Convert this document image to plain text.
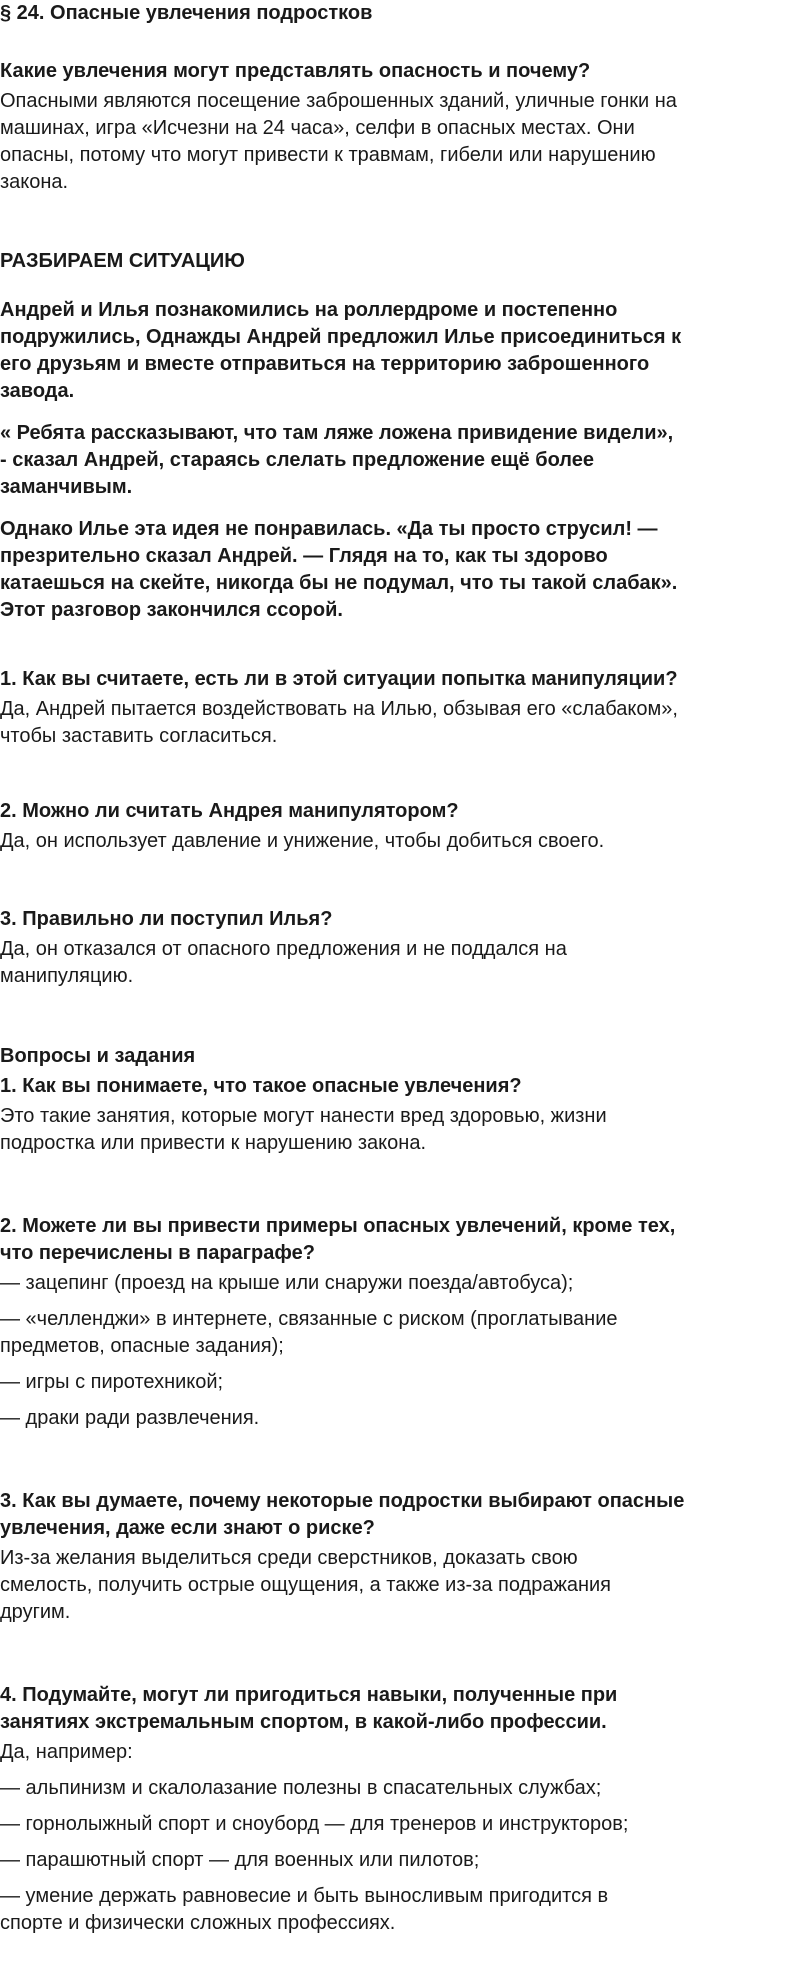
§ 24. Опасные увлечения подростков
Какие увлечения могут представлять опасность и почему?
Опасными являются посещение заброшенных зданий, уличные гонки на
машинах, игра «Исчезни на 24 часа», селфи в опасных местах. Они
опасны, потому что могут привести к травмам, гибели или нарушению
закона.
РАЗБИРАЕМ СИТУАЦИЮ
Андрей и Илья познакомились на роллердроме и постепенно
подружились, Однажды Андрей предложил Илье присоединиться к
его друзьям и вместе отправиться на территорию заброшенного
завода.
« Ребята рассказывают, что там ляже ложена привидение видели»,
- сказал Андрей, стараясь слелать предложение ещё более
заманчивым.
Однако Илье эта идея не понравилась. «Да ты просто струсил! —
презрительно сказал Андрей. — Глядя на то, как ты здорово
катаешься на скейте, никогда бы не подумал, что ты такой слабак».
Этот разговор закончился ссорой.
1. Как вы считаете, есть ли в этой ситуации попытка манипуляции?
Да, Андрей пытается воздействовать на Илью, обзывая его «слабаком»,
чтобы заставить согласиться.
2. Можно ли считать Андрея манипулятором?
Да, он использует давление и унижение, чтобы добиться своего.
3. Правильно ли поступил Илья?
Да, он отказался от опасного предложения и не поддался на
манипуляцию.
Вопросы и задания
1. Как вы понимаете, что такое опасные увлечения?
Это такие занятия, которые могут нанести вред здоровью, жизни
подростка или привести к нарушению закона.
2. Можете ли вы привести примеры опасных увлечений, кроме тех,
что перечислены в параграфе?
— зацепинг (проезд на крыше или снаружи поезда/автобуса);
— «челленджи» в интернете, связанные с риском (проглатывание
предметов, опасные задания);
— игры с пиротехникой;
— драки ради развлечения.
3. Как вы думаете, почему некоторые подростки выбирают опасные
увлечения, даже если знают о риске?
Из-за желания выделиться среди сверстников, доказать свою
смелость, получить острые ощущения, а также из-за подражания
другим.
4. Подумайте, могут ли пригодиться навыки, полученные при
занятиях экстремальным спортом, в какой-либо профессии.
Да, например:
— альпинизм и скалолазание полезны в спасательных службах;
— горнолыжный спорт и сноуборд — для тренеров и инструкторов;
— парашютный спорт — для военных или пилотов;
— умение держать равновесие и быть выносливым пригодится в
спорте и физически сложных профессиях.
